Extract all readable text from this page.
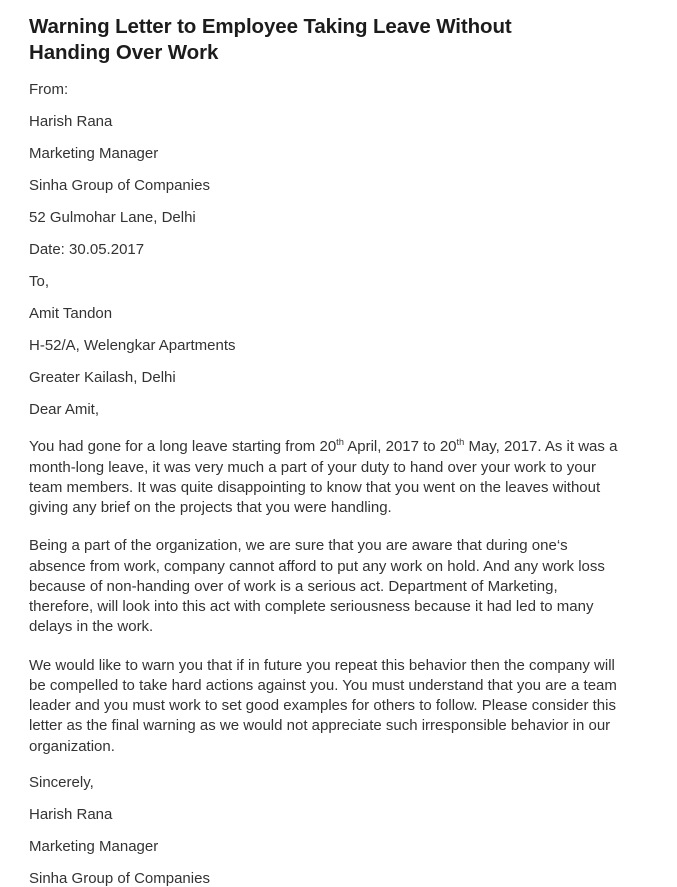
Warning Letter to Employee Taking Leave Without Handing Over Work

From:

Harish Rana

Marketing Manager

Sinha Group of Companies

52 Gulmohar Lane, Delhi

Date: 30.05.2017

To,

Amit Tandon

H-52/A, Welengkar Apartments

Greater Kailash, Delhi

Dear Amit,

You had gone for a long leave starting from 20th April, 2017 to 20th May, 2017. As it was a month-long leave, it was very much a part of your duty to hand over your work to your team members. It was quite disappointing to know that you went on the leaves without giving any brief on the projects that you were handling.

Being a part of the organization, we are sure that you are aware that during one‘s absence from work, company cannot afford to put any work on hold. And any work loss because of non-handing over of work is a serious act. Department of Marketing, therefore, will look into this act with complete seriousness because it had led to many delays in the work.

We would like to warn you that if in future you repeat this behavior then the company will be compelled to take hard actions against you. You must understand that you are a team leader and you must work to set good examples for others to follow. Please consider this letter as the final warning as we would not appreciate such irresponsible behavior in our organization.

Sincerely,

Harish Rana

Marketing Manager

Sinha Group of Companies
